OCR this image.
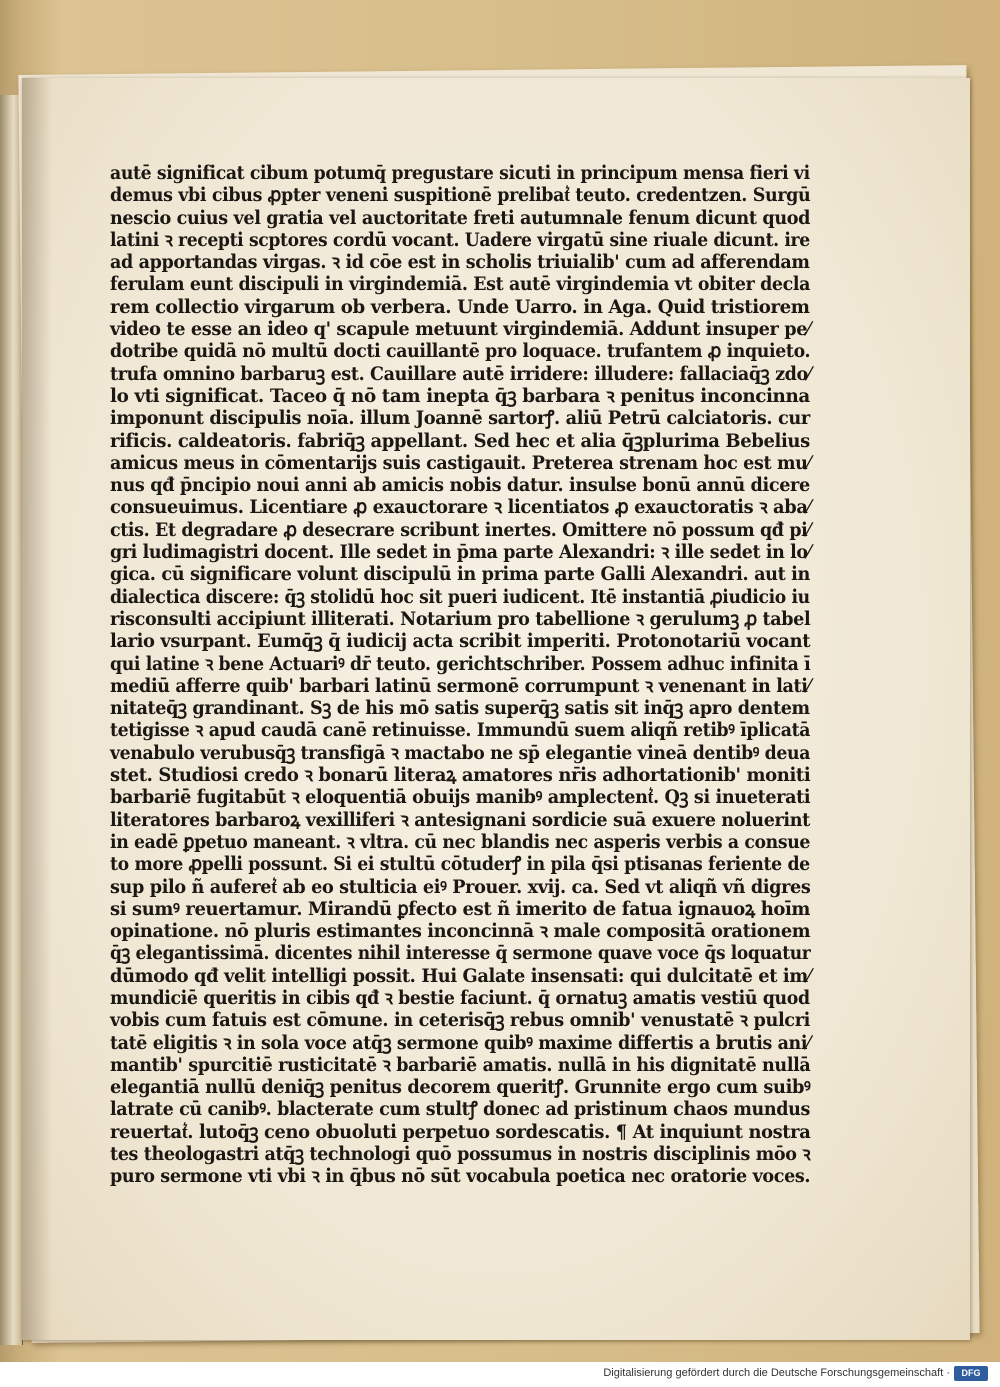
autē significat cibum potumq̄ pregustare sicuti in principum mensa fieri vi
demus vbi cibus ꝓpter veneni suspitionē prelibat͛ teuto. credentzen. Surgū
nescio cuius vel gratia vel auctoritate freti autumnale fenum dicunt quod
latini ꝛ recepti scptores cordū vocant. Uadere virgatū sine riuale dicunt. ire
ad apportandas virgas. ꝛ id cōe est in scholis triuialib' cum ad afferendam
ferulam eunt discipuli in virgindemiā. Est autē virgindemia vt obiter decla
rem collectio virgarum ob verbera. Unde Uarro. in Aga. Quid tristiorem
video te esse an ideo q' scapule metuunt virgindemiā. Addunt insuper pe⁄
dotribe quidā nō multū docti cauillantē pro loquace. trufantem ꝓ inquieto.
trufa omnino barbaruꝫ est. Cauillare autē irridere: illudere: fallaciaq̄ꝫ zdo⁄
lo vti significat. Taceo q̄ nō tam inepta q̄ꝫ barbara ꝛ penitus inconcinna
imponunt discipulis noīa. illum Joannē sartorꝭ. aliū Petrū calciatoris. cur
rificis. caldeatoris. fabriq̄ꝫ appellant. Sed hec et alia q̄ꝫplurima Bebelius
amicus meus in cōmentarijs suis castigauit. Preterea strenam hoc est mu⁄
nus qđ p̄ncipio noui anni ab amicis nobis datur. insulse bonū annū dicere
consueuimus. Licentiare ꝓ exauctorare ꝛ licentiatos ꝓ exauctoratis ꝛ aba⁄
ctis. Et degradare ꝓ desecrare scribunt inertes. Omittere nō possum qđ pi⁄
gri ludimagistri docent. Ille sedet in p̄ma parte Alexandri: ꝛ ille sedet in lo⁄
gica. cū significare volunt discipulū in prima parte Galli Alexandri. aut in
dialectica discere: q̄ꝫ stolidū hoc sit pueri iudicent. Itē instantiā ꝓiudicio iu
risconsulti accipiunt illiterati. Notarium pro tabellione ꝛ gerulumꝫ ꝓ tabel
lario vsurpant. Eumq̄ꝫ q̄ iudicij acta scribit imperiti. Protonotariū vocant
qui latine ꝛ bene Actuariꝰ dr̄ teuto. gerichtschriber. Possem adhuc infinita ī
mediū afferre quib' barbari latinū sermonē corrumpunt ꝛ venenant in lati⁄
nitateq̄ꝫ grandinant. Sꝫ de his mō satis superq̄ꝫ satis sit inq̄ꝫ apro dentem
tetigisse ꝛ apud caudā canē retinuisse. Immundū suem aliqñ retibꝰ īplicatā
venabulo verubusq̄ꝫ transfigā ꝛ mactabo ne sp̄ elegantie vineā dentibꝰ deua
stet. Studiosi credo ꝛ bonarū literaꝝ amatores nr̄is adhortationib' moniti
barbariē fugitabūt ꝛ eloquentiā obuijs manibꝰ amplectent͛. Qꝫ si inueterati
literatores barbaroꝝ vexilliferi ꝛ antesignani sordicie suā exuere noluerint
in eadē ꝑpetuo maneant. ꝛ vltra. cū nec blandis nec asperis verbis a consue
to more ꝓpelli possunt. Si ei stultū cōtuderꝭ in pila q̄si ptisanas feriente de
sup pilo ñ auferet͛ ab eo stulticia eiꝰ Prouer. xvij. ca. Sed vt aliqñ vñ digres
si sumꝰ reuertamur. Mirandū ꝑfecto est ñ imerito de fatua ignauoꝝ hoīm
opinatione. nō pluris estimantes inconcinnā ꝛ male compositā orationem
q̄ꝫ elegantissimā. dicentes nihil interesse q̄ sermone quave voce q̄s loquatur
dūmodo qđ velit intelligi possit. Hui Galate insensati: qui dulcitatē et im⁄
mundiciē queritis in cibis qđ ꝛ bestie faciunt. q̄ ornatuꝫ amatis vestiū quod
vobis cum fatuis est cōmune. in ceterisq̄ꝫ rebus omnib' venustatē ꝛ pulcri
tatē eligitis ꝛ in sola voce atq̄ꝫ sermone quibꝰ maxime differtis a brutis ani⁄
mantib' spurcitiē rusticitatē ꝛ barbariē amatis. nullā in his dignitatē nullā
elegantiā nullū deniq̄ꝫ penitus decorem queritꝭ. Grunnite ergo cum suibꝰ
latrate cū canibꝰ. blacterate cum stultꝭ donec ad pristinum chaos mundus
reuertat͛. lutoq̄ꝫ ceno obuoluti perpetuo sordescatis. ¶ At inquiunt nostra
tes theologastri atq̄ꝫ technologi quō possumus in nostris disciplinis mōo ꝛ
puro sermone vti vbi ꝛ in q̄bus nō sūt vocabula poetica nec oratorie voces.
Digitalisierung gefördert durch die Deutsche Forschungsgemeinschaft ·	DFG
